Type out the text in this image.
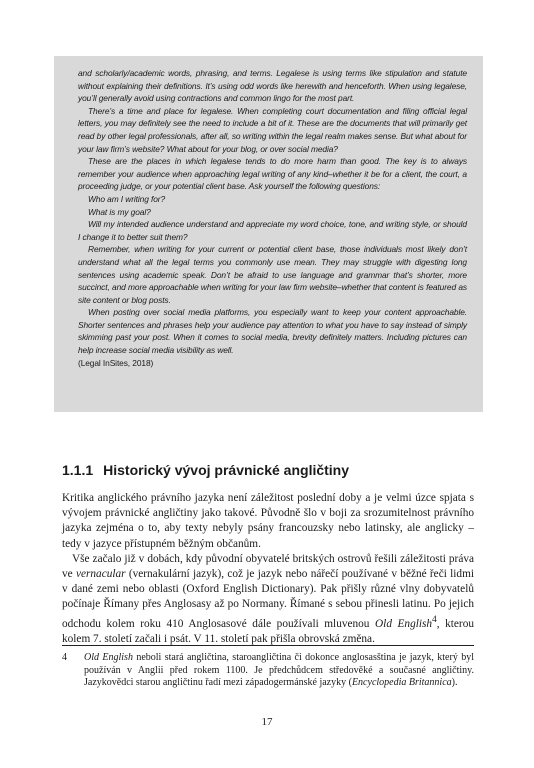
and scholarly/academic words, phrasing, and terms. Legalese is using terms like stipulation and statute without explaining their definitions. It’s using odd words like herewith and henceforth. When using legalese, you’ll generally avoid using contractions and common lingo for the most part.

There’s a time and place for legalese. When completing court documentation and filing official legal letters, you may definitely see the need to include a bit of it. These are the documents that will primarily get read by other legal professionals, after all, so writing within the legal realm makes sense. But what about for your law firm’s website? What about for your blog, or over social media?

These are the places in which legalese tends to do more harm than good. The key is to always remember your audience when approaching legal writing of any kind–whether it be for a client, the court, a proceeding judge, or your potential client base. Ask yourself the following questions:

Who am I writing for?

What is my goal?

Will my intended audience understand and appreciate my word choice, tone, and writing style, or should I change it to better suit them?

Remember, when writing for your current or potential client base, those individuals most likely don’t understand what all the legal terms you commonly use mean. They may struggle with digesting long sentences using academic speak. Don’t be afraid to use language and grammar that’s shorter, more succinct, and more approachable when writing for your law firm website–whether that content is featured as site content or blog posts.

When posting over social media platforms, you especially want to keep your content approachable. Shorter sentences and phrases help your audience pay attention to what you have to say instead of simply skimming past your post. When it comes to social media, brevity definitely matters. Including pictures can help increase social media visibility as well.

(Legal InSites, 2018)

1.1.1 Historický vývoj právnické angličtiny

Kritika anglického právního jazyka není záležitost poslední doby a je velmi úzce spjata s vývojem právnické angličtiny jako takové. Původně šlo v boji za srozumitelnost právního jazyka zejména o to, aby texty nebyly psány francouzsky nebo latinsky, ale anglicky – tedy v jazyce přístupném běžným občanům.

Vše začalo již v dobách, kdy původní obyvatelé britských ostrovů řešili záležitosti práva ve vernacular (vernakulární jazyk), což je jazyk nebo nářečí používané v běžné řeči lidmi v dané zemi nebo oblasti (Oxford English Dictionary). Pak přišly různé vlny dobyvatelů počínaje Římany přes Anglosasy až po Normany. Římané s sebou přinesli latinu. Po jejich odchodu kolem roku 410 Anglosasové dále používali mluvenou Old English$^4$, kterou kolem 7. století začali i psát. V 11. století pak přišla obrovská změna.

4 Old English neboli stará angličtina, staroangličtina či dokonce anglosasština je jazyk, který byl používán v Anglii před rokem 1100. Je předchůdcem středověké a současné angličtiny. Jazykovědci starou angličtinu řadí mezi západogermánské jazyky (Encyclopedia Britannica).
17
